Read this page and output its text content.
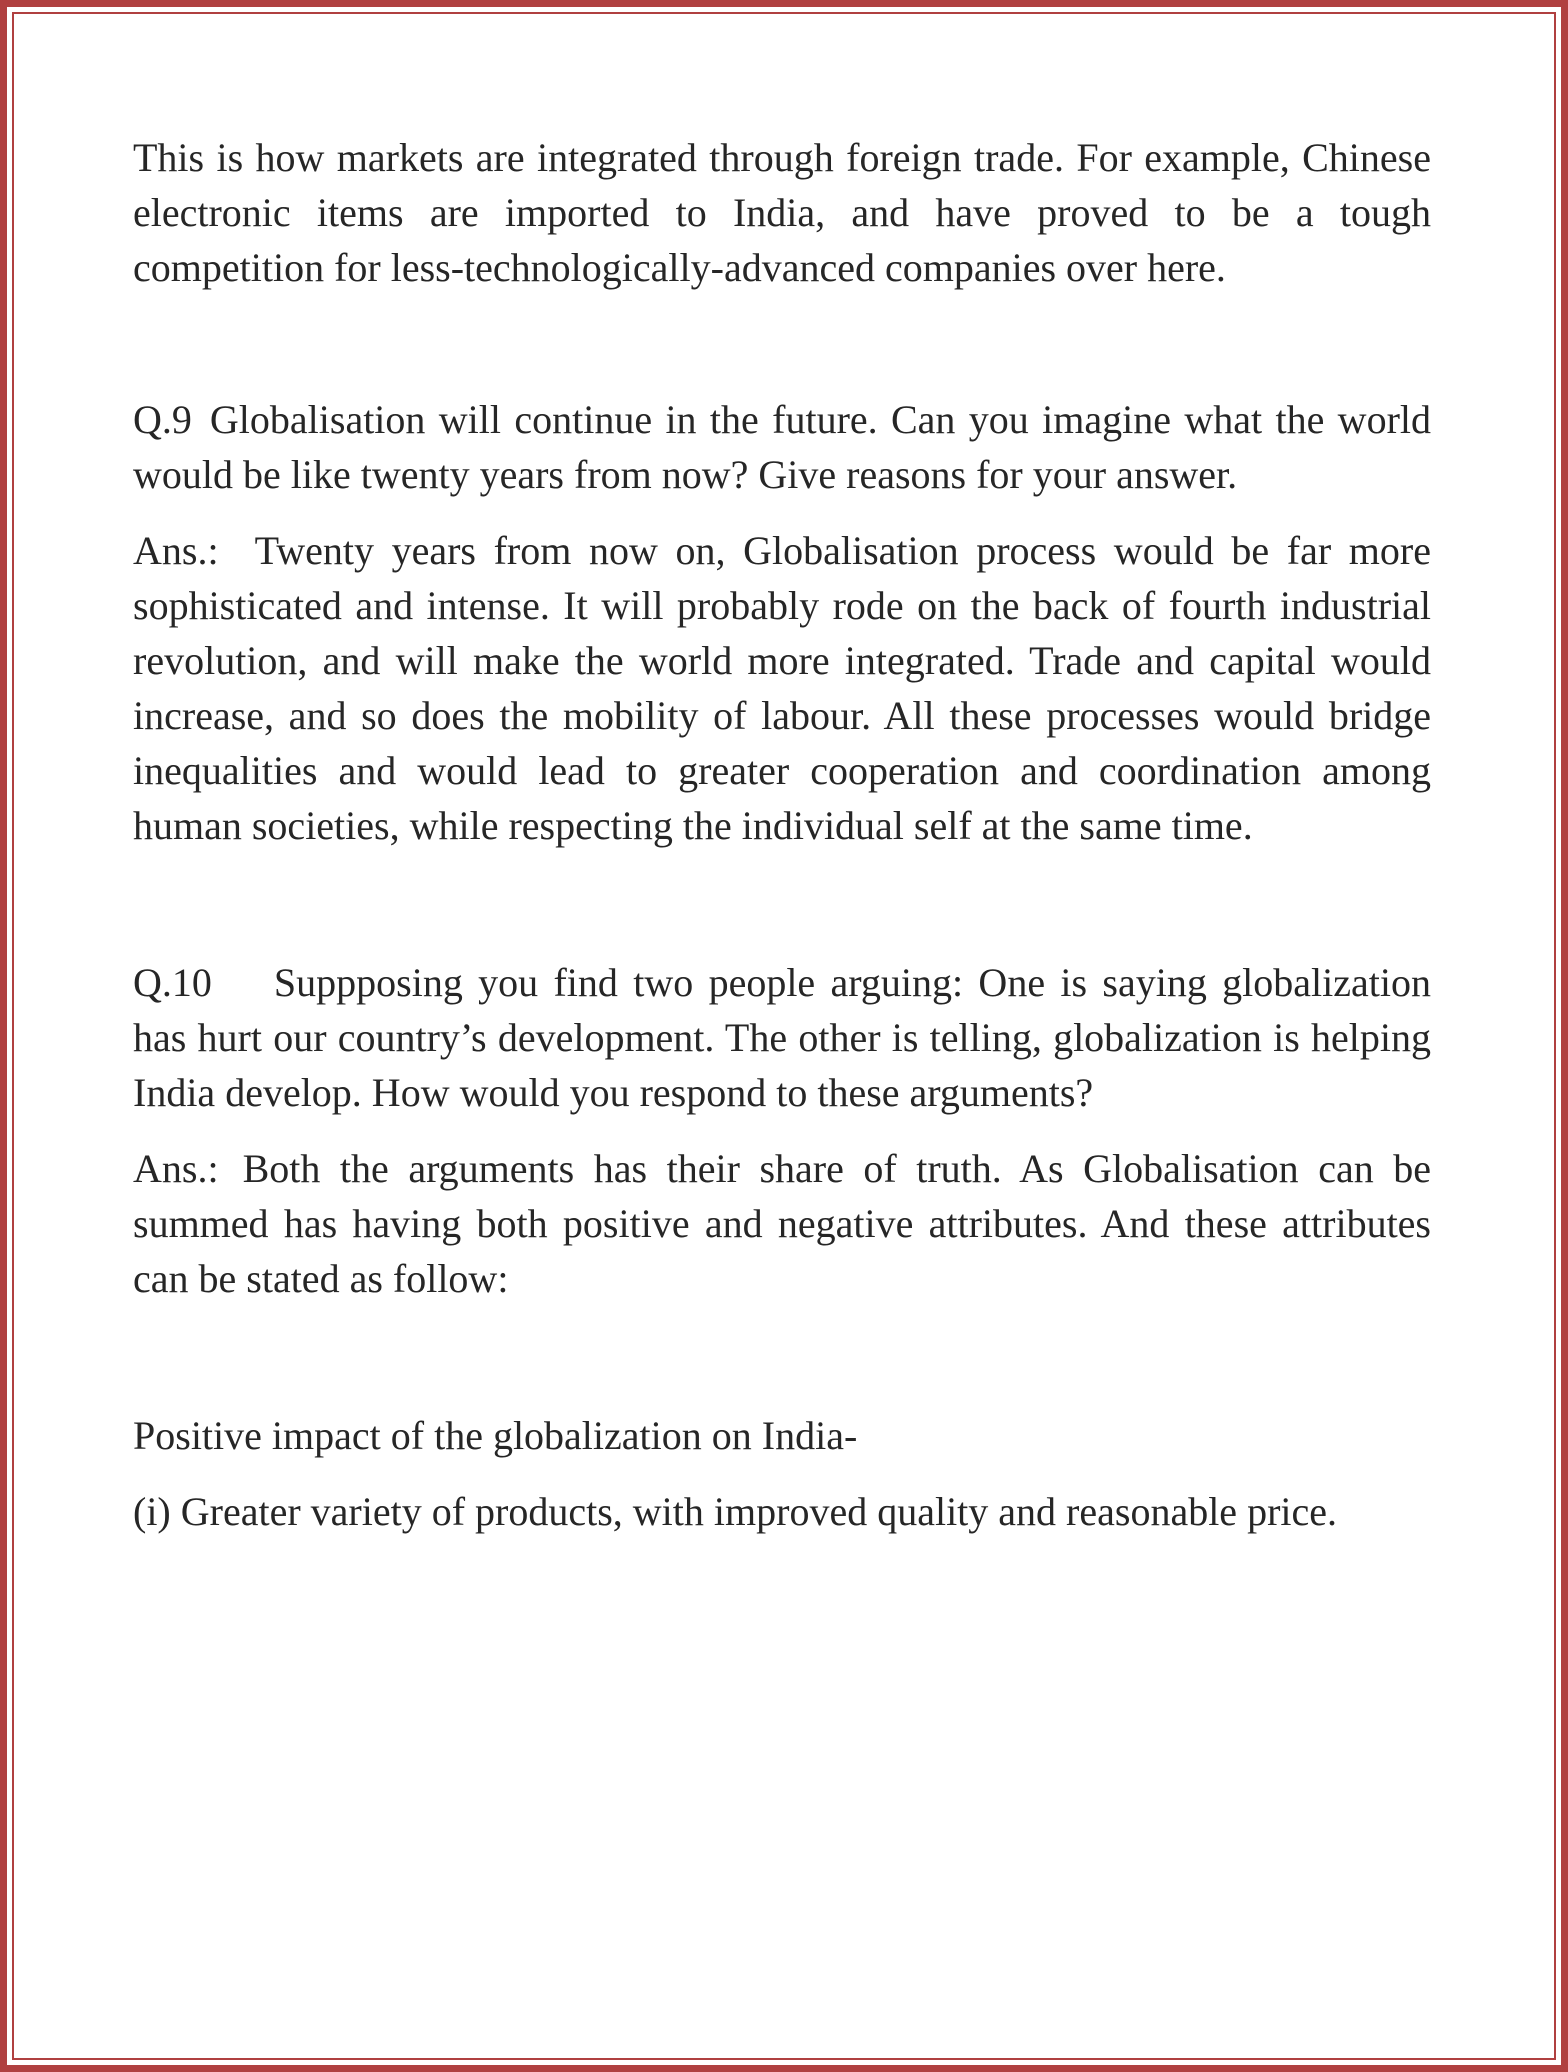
This is how markets are integrated through foreign trade. For example, Chinese electronic items are imported to India, and have proved to be a tough competition for less-technologically-advanced companies over here.

Q.9 Globalisation will continue in the future. Can you imagine what the world would be like twenty years from now? Give reasons for your answer.

Ans.: Twenty years from now on, Globalisation process would be far more sophisticated and intense. It will probably rode on the back of fourth industrial revolution, and will make the world more integrated. Trade and capital would increase, and so does the mobility of labour. All these processes would bridge inequalities and would lead to greater cooperation and coordination among human societies, while respecting the individual self at the same time.

Q.10 Suppposing you find two people arguing: One is saying globalization has hurt our country’s development. The other is telling, globalization is helping India develop. How would you respond to these arguments?

Ans.: Both the arguments has their share of truth. As Globalisation can be summed has having both positive and negative attributes. And these attributes can be stated as follow:

Positive impact of the globalization on India-

(i) Greater variety of products, with improved quality and reasonable price.
